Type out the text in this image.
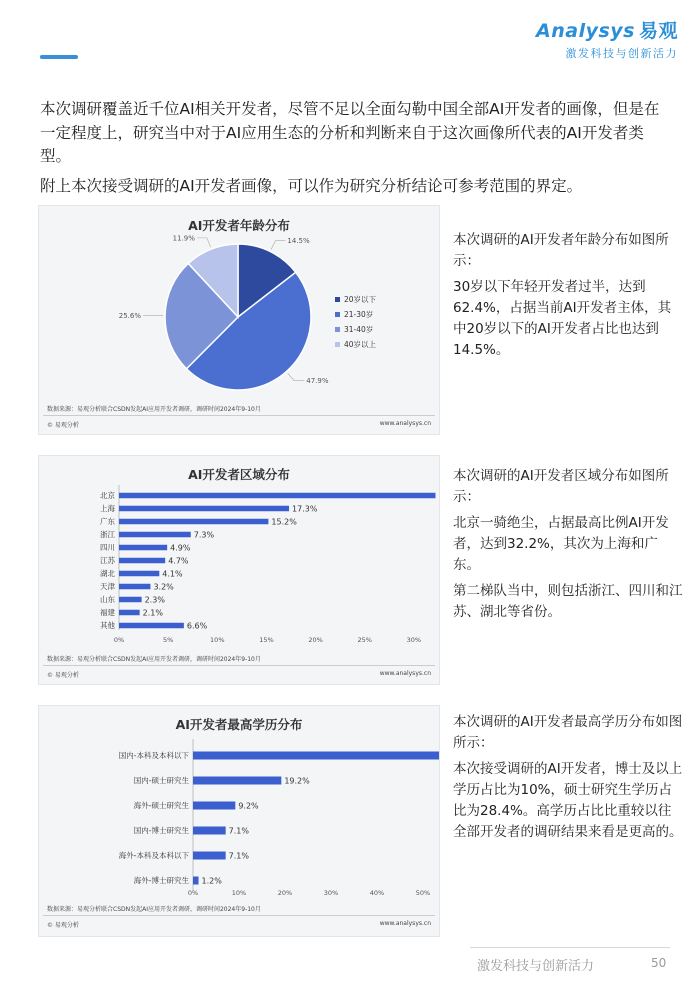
Analysys 易观
激发科技与创新活力

本次调研覆盖近千位AI相关开发者，尽管不足以全面勾勒中国全部AI开发者的画像，但是在一定程度上，研究当中对于AI应用生态的分析和判断来自于这次画像所代表的AI开发者类型。

附上本次接受调研的AI开发者画像，可以作为研究分析结论可参考范围的界定。

AI开发者年龄分布
14.5%
47.9%
25.6%
11.9%
20岁以下
21-30岁
31-40岁
40岁以上
数据来源：易观分析联合CSDN发起AI应用开发者调研，调研时间2024年9-10月
© 易观分析	www.analysys.cn

本次调研的AI开发者年龄分布如图所示：

30岁以下年轻开发者过半，达到62.4%，占据当前AI开发者主体，其中20岁以下的AI开发者占比也达到14.5%。

AI开发者区域分布
北京
上海	17.3%
广东	15.2%
浙江	7.3%
四川	4.9%
江苏	4.7%
湖北	4.1%
天津	3.2%
山东	2.3%
福建	2.1%
其他	6.6%
0%	5%	10%	15%	20%	25%	30%
数据来源：易观分析联合CSDN发起AI应用开发者调研，调研时间2024年9-10月
© 易观分析	www.analysys.cn

本次调研的AI开发者区域分布如图所示：

北京一骑绝尘，占据最高比例AI开发者，达到32.2%，其次为上海和广东。

第二梯队当中，则包括浙江、四川和江苏、湖北等省份。

AI开发者最高学历分布
国内-本科及本科以下
国内-硕士研究生	19.2%
海外-硕士研究生	9.2%
国内-博士研究生	7.1%
海外-本科及本科以下	7.1%
海外-博士研究生 1.2%
0%	10%	20%	30%	40%	50%
数据来源：易观分析联合CSDN发起AI应用开发者调研，调研时间2024年9-10月
© 易观分析	www.analysys.cn

本次调研的AI开发者最高学历分布如图所示：

本次接受调研的AI开发者，博士及以上学历占比为10%，硕士研究生学历占比为28.4%。高学历占比比重较以往全部开发者的调研结果来看是更高的。

激发科技与创新活力	50
